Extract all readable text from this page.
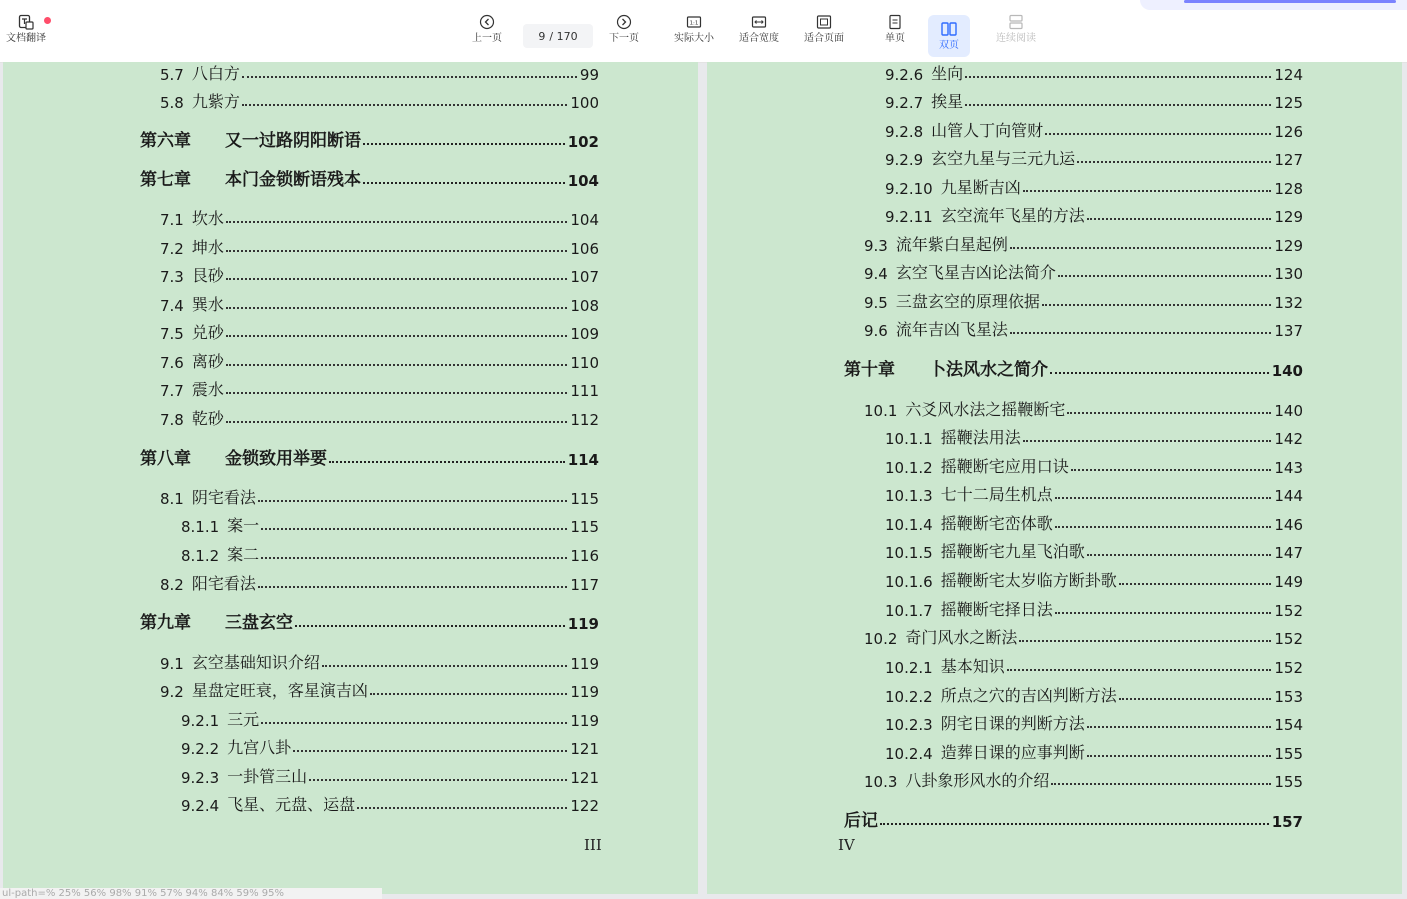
文档翻译	上一页	9 / 170	下一页
1:1
实际大小	适合宽度	适合页面	单页
双页
连续阅读
III
5.7 八白方	99
5.8 九紫方	100
第六章 又一过路阴阳断语	102
第七章 本门金锁断语残本	104
7.1 坎水	104
7.2 坤水	106
7.3 艮砂	107
7.4 巽水	108
7.5 兑砂	109
7.6 离砂	110
7.7 震水	111
7.8 乾砂	112
第八章 金锁致用举要	114
8.1 阴宅看法	115
8.1.1 案一	115
8.1.2 案二	116
8.2 阳宅看法	117
第九章 三盘玄空	119
9.1 玄空基础知识介绍	119
9.2 星盘定旺衰，客星演吉凶	119
9.2.1 三元	119
9.2.2 九宫八卦	121
9.2.3 一卦管三山	121
9.2.4 飞星、元盘、运盘	122
IV
9.2.6 坐向	124
9.2.7 挨星	125
9.2.8 山管人丁向管财	126
9.2.9 玄空九星与三元九运	127
9.2.10 九星断吉凶	128
9.2.11 玄空流年飞星的方法	129
9.3 流年紫白星起例	129
9.4 玄空飞星吉凶论法简介	130
9.5 三盘玄空的原理依据	132
9.6 流年吉凶飞星法	137
第十章 卜法风水之简介	140
10.1 六爻风水法之摇鞭断宅	140
10.1.1 摇鞭法用法	142
10.1.2 摇鞭断宅应用口诀	143
10.1.3 七十二局生机点	144
10.1.4 摇鞭断宅峦体歌	146
10.1.5 摇鞭断宅九星飞泊歌	147
10.1.6 摇鞭断宅太岁临方断卦歌	149
10.1.7 摇鞭断宅择日法	152
10.2 奇门风水之断法	152
10.2.1 基本知识	152
10.2.2 所点之穴的吉凶判断方法	153
10.2.3 阴宅日课的判断方法	154
10.2.4 造葬日课的应事判断	155
10.3 八卦象形风水的介绍	155
后记	157
ul-path=% 25% 56% 98% 91% 57% 94% 84% 59% 95%
